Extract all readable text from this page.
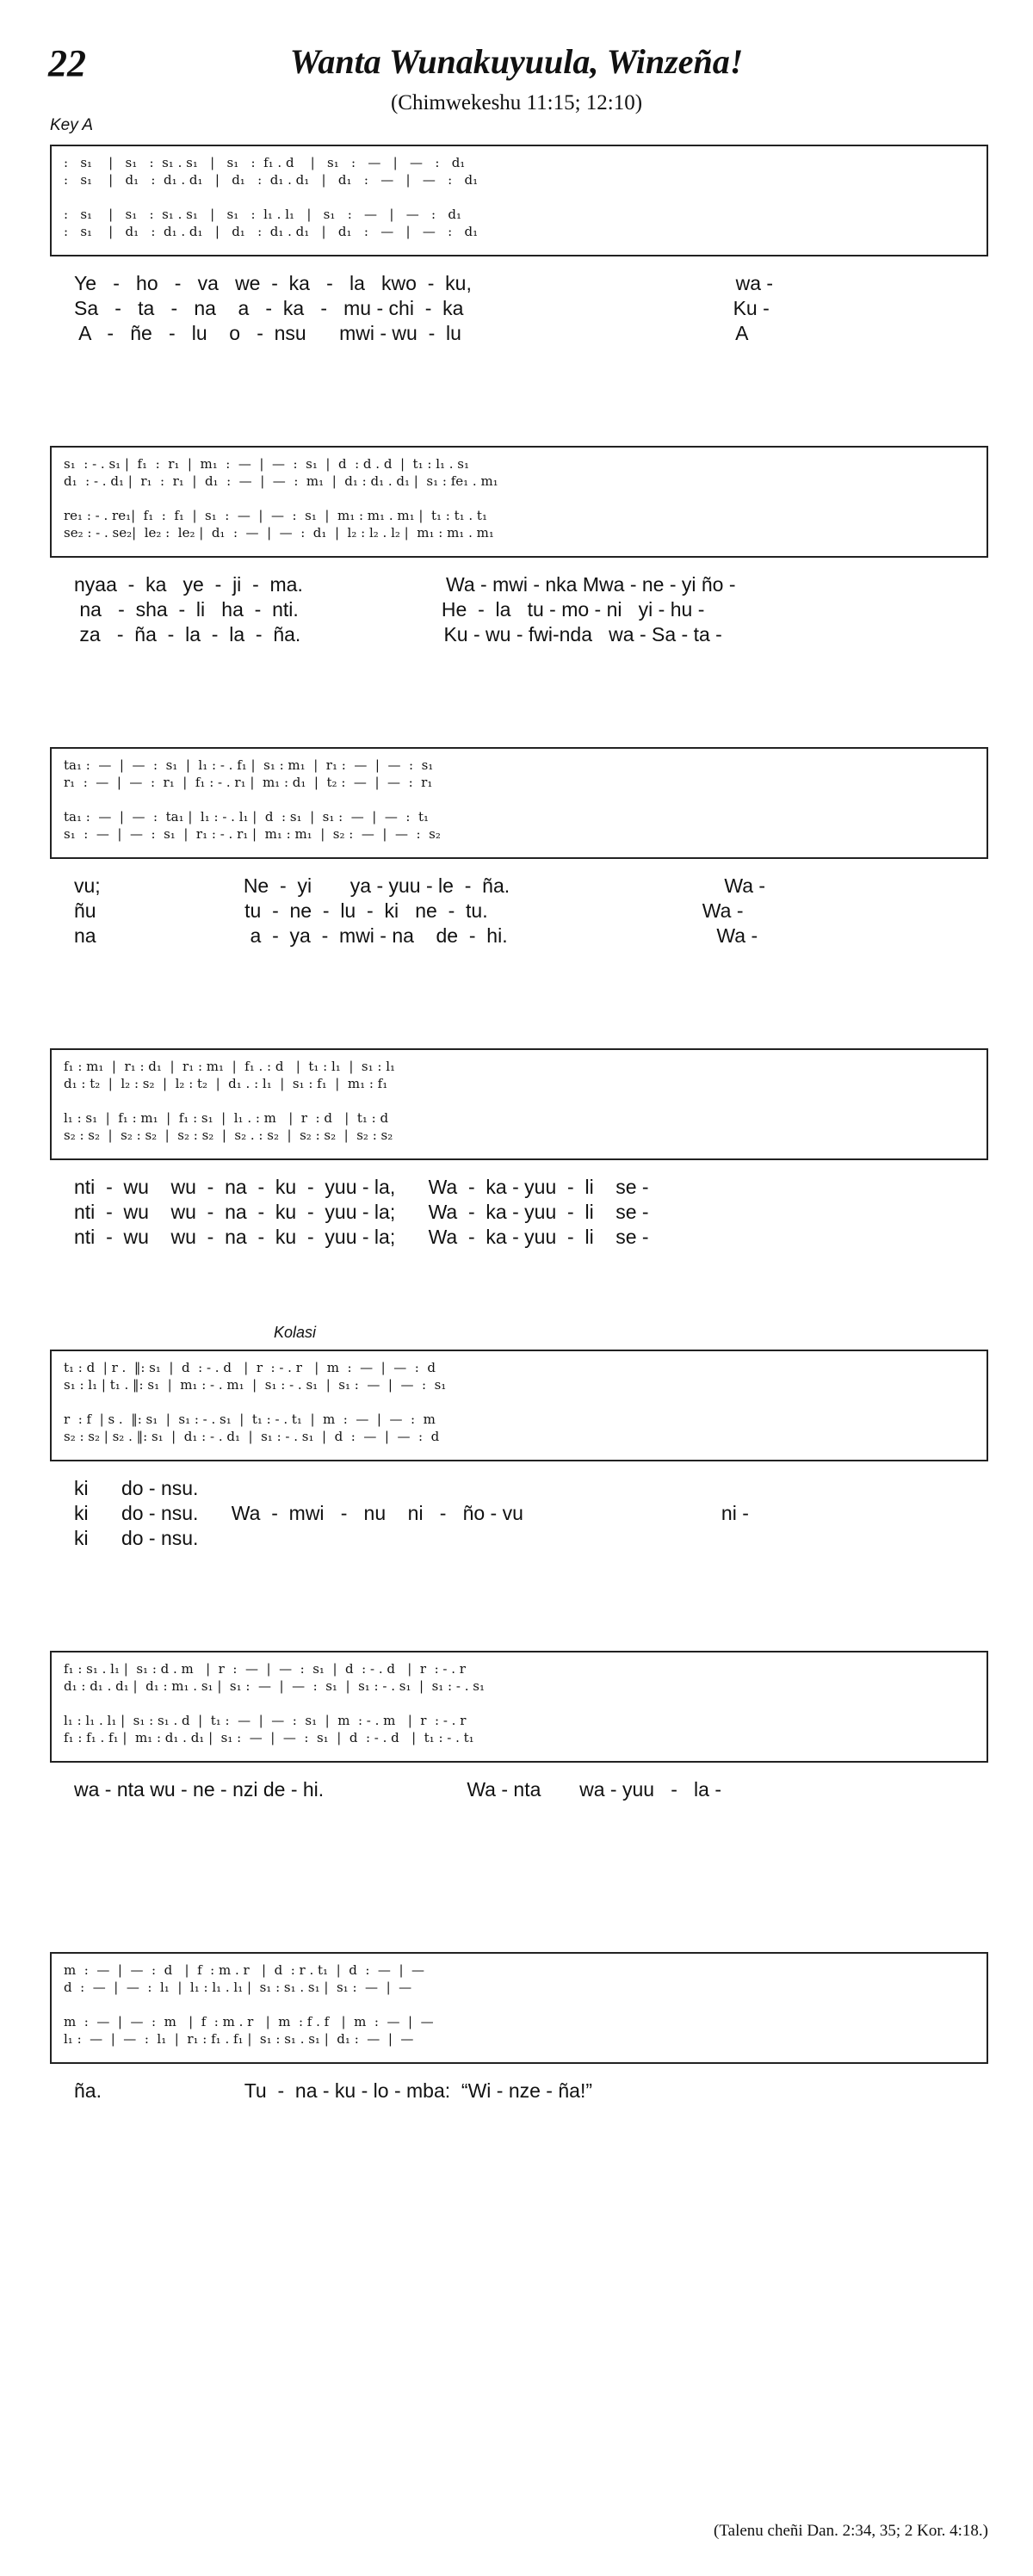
22	Wanta Wunakuyuula, Winzeña!
(Chimwekeshu 11:15; 12:10)
Key A
:   s₁    |   s₁   :  s₁ . s₁   |   s₁   :  f₁ . d    |   s₁   :   —   |   —   :   d₁
:   s₁    |   d₁   :  d₁ . d₁   |   d₁   :  d₁ . d₁   |   d₁   :   —   |   —   :   d₁
:   s₁    |   s₁   :  s₁ . s₁   |   s₁   :  l₁ . l₁   |   s₁   :   —   |   —   :   d₁
:   s₁    |   d₁   :  d₁ . d₁   |   d₁   :  d₁ . d₁   |   d₁   :   —   |   —   :   d₁
Ye   -   ho   -   va   we  -  ka   -   la   kwo  -  ku,                                                wa -
Sa   -   ta   -   na    a   -  ka   -   mu - chi  -  ka                                                 Ku -
A   -   ñe   -   lu    o   -  nsu      mwi - wu  -  lu                                                  A
s₁  : - . s₁ |  f₁  :  r₁  |  m₁  :  —  |  —  :  s₁  |  d  : d . d  |  t₁ : l₁ . s₁
d₁  : - . d₁ |  r₁  :  r₁  |  d₁  :  —  |  —  :  m₁  |  d₁ : d₁ . d₁ |  s₁ : fe₁ . m₁
re₁ : - . re₁|  f₁  :  f₁  |  s₁  :  —  |  —  :  s₁  |  m₁ : m₁ . m₁ |  t₁ : t₁ . t₁
se₂ : - . se₂|  le₂ :  le₂ |  d₁  :  —  |  —  :  d₁  |  l₂ : l₂ . l₂ |  m₁ : m₁ . m₁
nyaa  -  ka   ye  -  ji  -  ma.                          Wa - mwi - nka Mwa - ne - yi ño -
na   -  sha  -  li   ha  -  nti.                          He  -  la   tu - mo - ni   yi - hu -
za   -  ña  -  la  -  la  -  ña.                          Ku - wu - fwi-nda   wa - Sa - ta -
ta₁ :  —  |  —  :  s₁  |  l₁ : - . f₁ |  s₁ : m₁  |  r₁ :  —  |  —  :  s₁
r₁  :  —  |  —  :  r₁  |  f₁ : - . r₁ |  m₁ : d₁  |  t₂ :  —  |  —  :  r₁
ta₁ :  —  |  —  :  ta₁ |  l₁ : - . l₁ |  d  : s₁  |  s₁ :  —  |  —  :  t₁
s₁  :  —  |  —  :  s₁  |  r₁ : - . r₁ |  m₁ : m₁  |  s₂ :  —  |  —  :  s₂
vu;                          Ne  -  yi       ya - yuu - le  -  ña.                                       Wa -
ñu                           tu  -  ne  -  lu  -  ki   ne  -  tu.                                       Wa -
na                            a  -  ya  -  mwi - na    de  -  hi.                                      Wa -
f₁ : m₁  |  r₁ : d₁  |  r₁ : m₁  |  f₁ . : d   |  t₁ : l₁  |  s₁ : l₁
d₁ : t₂  |  l₂ : s₂  |  l₂ : t₂  |  d₁ . : l₁  |  s₁ : f₁  |  m₁ : f₁
l₁ : s₁  |  f₁ : m₁  |  f₁ : s₁  |  l₁ . : m   |  r  : d   |  t₁ : d
s₂ : s₂  |  s₂ : s₂  |  s₂ : s₂  |  s₂ . : s₂  |  s₂ : s₂  |  s₂ : s₂
nti  -  wu    wu  -  na  -  ku  -  yuu - la,      Wa  -  ka - yuu  -  li    se -
nti  -  wu    wu  -  na  -  ku  -  yuu - la;      Wa  -  ka - yuu  -  li    se -
nti  -  wu    wu  -  na  -  ku  -  yuu - la;      Wa  -  ka - yuu  -  li    se -
t₁ : d  | r .  ‖: s₁  |  d  : - . d   |  r  : - . r   |  m  :  —  |  —  :  d
s₁ : l₁ | t₁ . ‖: s₁  |  m₁ : - . m₁  |  s₁ : - . s₁  |  s₁ :  —  |  —  :  s₁
r  : f  | s .  ‖: s₁  |  s₁ : - . s₁  |  t₁ : - . t₁  |  m  :  —  |  —  :  m
s₂ : s₂ | s₂ . ‖: s₁  |  d₁ : - . d₁  |  s₁ : - . s₁  |  d  :  —  |  —  :  d
ki      do - nsu.
ki      do - nsu.      Wa  -  mwi   -   nu    ni   -   ño - vu                                    ni -
ki      do - nsu.
f₁ : s₁ . l₁ |  s₁ : d . m   |  r  :  —  |  —  :  s₁  |  d  : - . d   |  r  : - . r
d₁ : d₁ . d₁ |  d₁ : m₁ . s₁ |  s₁ :  —  |  —  :  s₁  |  s₁ : - . s₁  |  s₁ : - . s₁
l₁ : l₁ . l₁ |  s₁ : s₁ . d  |  t₁ :  —  |  —  :  s₁  |  m  : - . m   |  r  : - . r
f₁ : f₁ . f₁ |  m₁ : d₁ . d₁ |  s₁ :  —  |  —  :  s₁  |  d  : - . d   |  t₁ : - . t₁
wa - nta wu - ne - nzi de - hi.                          Wa - nta       wa - yuu   -   la -
m  :  —  |  —  :  d   |  f  : m . r   |  d  : r . t₁  |  d  :  —  |  —
d  :  —  |  —  :  l₁  |  l₁ : l₁ . l₁ |  s₁ : s₁ . s₁ |  s₁ :  —  |  —
m  :  —  |  —  :  m   |  f  : m . r   |  m  : f . f   |  m  :  —  |  —
l₁ :  —  |  —  :  l₁  |  r₁ : f₁ . f₁ |  s₁ : s₁ . s₁ |  d₁ :  —  |  —
ña.                          Tu  -  na - ku - lo - mba:  “Wi - nze - ña!”
Kolasi
(Talenu cheñi Dan. 2:34, 35; 2 Kor. 4:18.)
